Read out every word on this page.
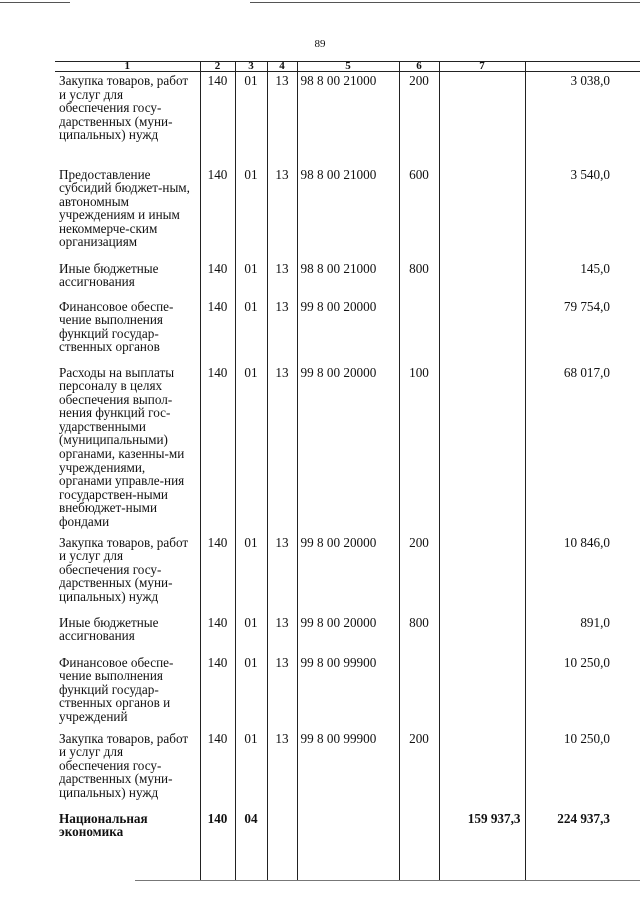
89
1	2	3	4	5	6	7	
Закупка товаров, работ и услуг для обеспечения госу-дарственных (муни-ципальных) нужд	140	01	13	98 8 00 21000	200		3 038,0
Предоставление субсидий бюджет-ным, автономным учреждениям и иным некоммерче-ским организациям	140	01	13	98 8 00 21000	600		3 540,0
Иные бюджетные ассигнования	140	01	13	98 8 00 21000	800		145,0
Финансовое обеспе-чение выполнения функций государ-ственных органов	140	01	13	99 8 00 20000			79 754,0
Расходы на выплаты персоналу в целях обеспечения выпол-нения функций гос-ударственными (муниципальными) органами, казенны-ми учреждениями, органами управле-ния государствен-ными внебюджет-ными фондами	140	01	13	99 8 00 20000	100		68 017,0
Закупка товаров, работ и услуг для обеспечения госу-дарственных (муни-ципальных) нужд	140	01	13	99 8 00 20000	200		10 846,0
Иные бюджетные ассигнования	140	01	13	99 8 00 20000	800		891,0
Финансовое обеспе-чение выполнения функций государ-ственных органов и учреждений	140	01	13	99 8 00 99900			10 250,0
Закупка товаров, работ и услуг для обеспечения госу-дарственных (муни-ципальных) нужд	140	01	13	99 8 00 99900	200		10 250,0
Национальная экономика	140	04				159 937,3	224 937,3
